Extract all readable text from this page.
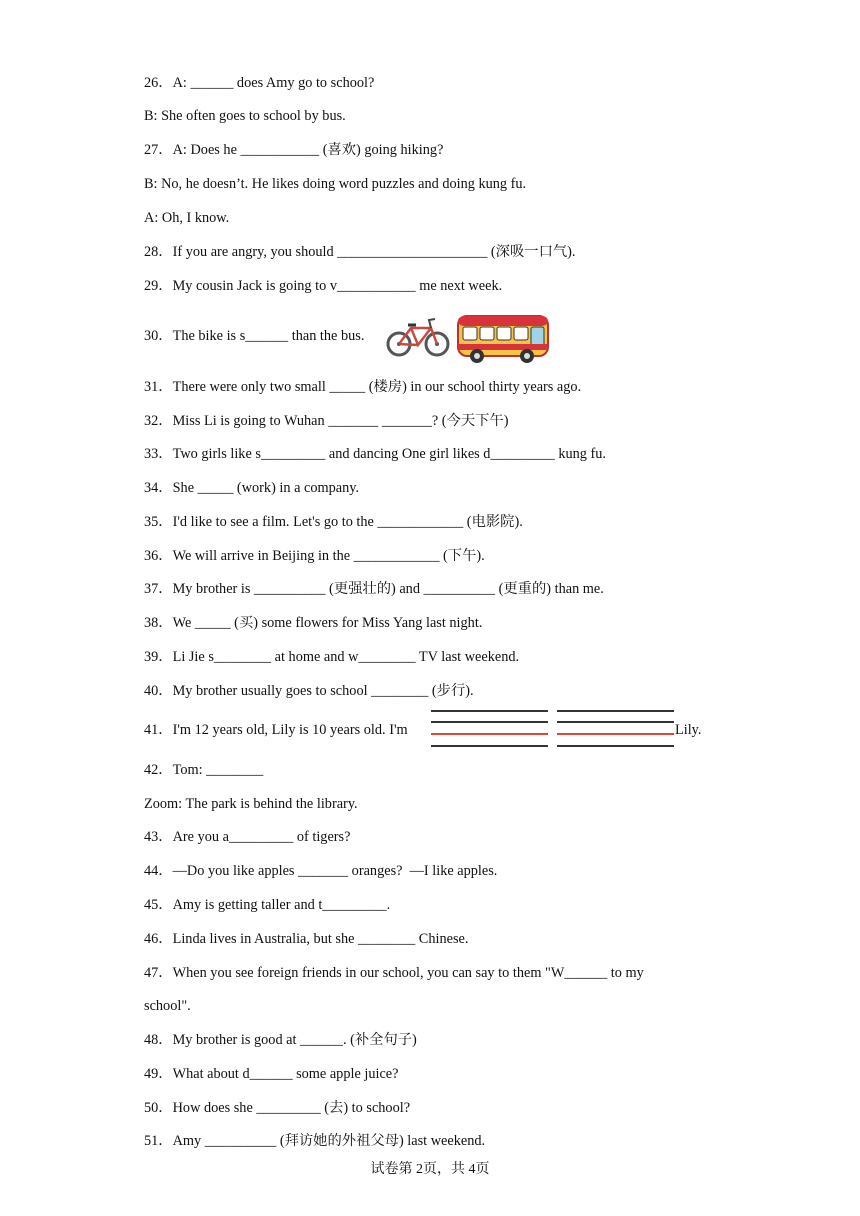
26．A: ______ does Amy go to school?
B: She often goes to school by bus.
27．A: Does he ___________ (喜欢) going hiking?
B: No, he doesn’t. He likes doing word puzzles and doing kung fu.
A: Oh, I know.
28．If you are angry, you should _____________________ (深吸一口气).
29．My cousin Jack is going to v___________ me next week.
30．The bike is s______ than the bus.
31．There were only two small _____ (楼房) in our school thirty years ago.
32．Miss Li is going to Wuhan _______ _______? (今天下午)
33．Two girls like s_________ and dancing One girl likes d_________ kung fu.
34．She _____ (work) in a company.
35．I'd like to see a film. Let's go to the ____________ (电影院).
36．We will arrive in Beijing in the ____________ (下午).
37．My brother is __________ (更强壮的) and __________ (更重的) than me.
38．We _____ (买) some flowers for Miss Yang last night.
39．Li Jie s________ at home and w________ TV last weekend.
40．My brother usually goes to school ________ (步行).
41．I'm 12 years old, Lily is 10 years old. I'm	Lily.
42．Tom: ________
Zoom: The park is behind the library.
43．Are you a_________ of tigers?
44．—Do you like apples _______ oranges?  —I like apples.
45．Amy is getting taller and t_________.
46．Linda lives in Australia, but she ________ Chinese.
47．When you see foreign friends in our school, you can say to them "W______ to my
school".
48．My brother is good at ______. (补全句子)
49．What about d______ some apple juice?
50．How does she _________ (去) to school?
51．Amy __________ (拜访她的外祖父母) last weekend.
试卷第 2页，共 4页
